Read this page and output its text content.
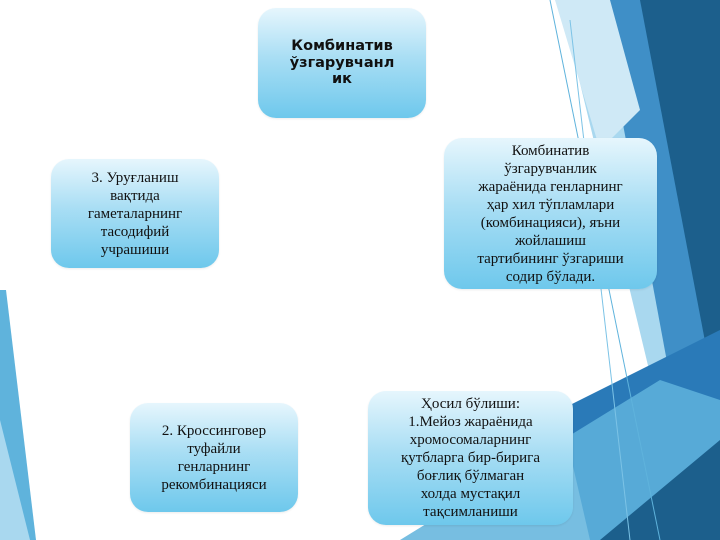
Комбинатив
ўзгарувчанл
ик
Комбинатив
ўзгарувчанлик
жараёнида генларнинг
ҳар хил тўпламлари
(комбинацияси), яъни
жойлашиш
тартибининг ўзгариши
содир бўлади.
3. Уруғланиш
вақтида
гаметаларнинг
тасодифий
учрашиши
Ҳосил бўлиши:
1.Мейоз жараёнида
хромосомаларнинг
қутбларга бир-бирига
боғлиқ бўлмаган
холда мустақил
тақсимланиши
2. Кроссинговер
туфайли
генларнинг
рекомбинацияси
